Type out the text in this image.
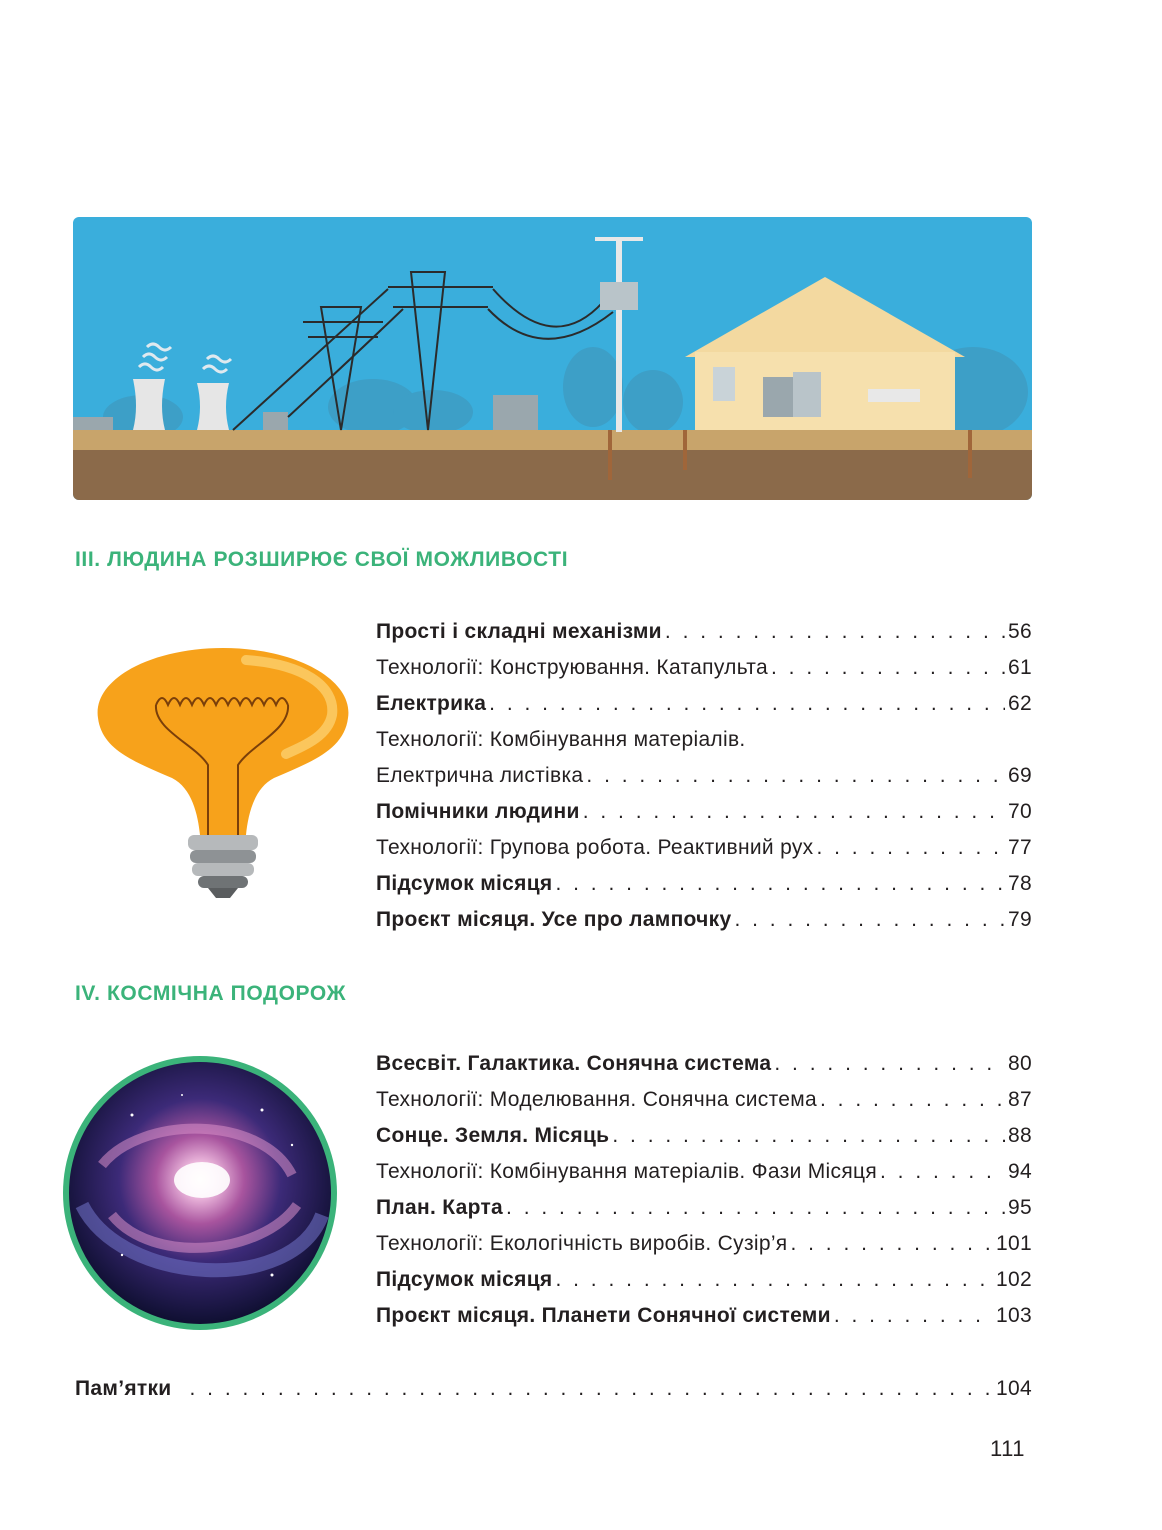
III. ЛЮДИНА РОЗШИРЮЄ СВОЇ МОЖЛИВОСТІ
Прості і складні механізми . . .	56
Технології: Конструювання. Катапульта . . .	61
Електрика . . .	62
Технології: Комбінування матеріалів.
Електрична листівка . . .	69
Помічники людини . . .	70
Технології: Групова робота. Реактивний рух . . .	77
Підсумок місяця . . .	78
Проєкт місяця. Усе про лампочку . . .	79
IV. КОСМІЧНА ПОДОРОЖ
Всесвіт. Галактика. Сонячна система . . .	80
Технології: Моделювання. Сонячна система . . .	87
Сонце. Земля. Місяць . . .	88
Технології: Комбінування матеріалів. Фази Місяця . . .	94
План. Карта . . .	95
Технології: Екологічність виробів. Сузір’я . . .	101
Підсумок місяця . . .	102
Проєкт місяця. Планети Сонячної системи . . .	103
Пам’ятки . . .	104
111
